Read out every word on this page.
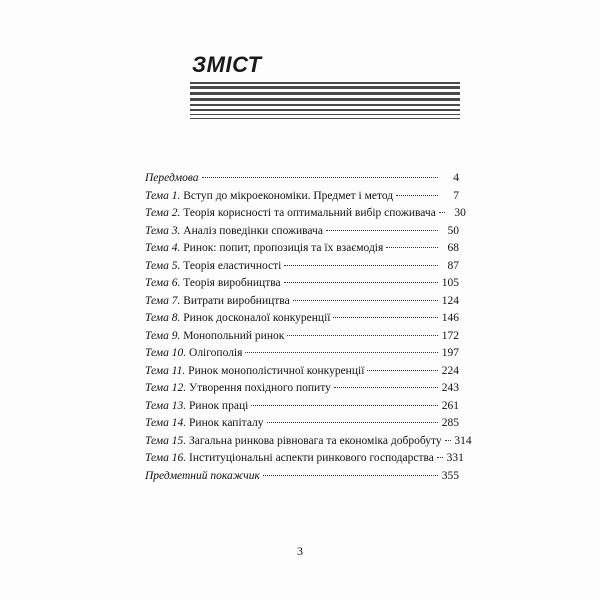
ЗМІСТ
Передмова	4
Тема 1. Вступ до мікроекономіки. Предмет і метод	7
Тема 2. Теорія корисності та оптимальний вибір споживача	30
Тема 3. Аналіз поведінки споживача	50
Тема 4. Ринок: попит, пропозиція та їх взаємодія	68
Тема 5. Теорія еластичності	87
Тема 6. Теорія виробництва	105
Тема 7. Витрати виробництва	124
Тема 8. Ринок досконалої конкуренції	146
Тема 9. Монопольний ринок	172
Тема 10. Олігополія	197
Тема 11. Ринок монополістичної конкуренції	224
Тема 12. Утворення похідного попиту	243
Тема 13. Ринок праці	261
Тема 14. Ринок капіталу	285
Тема 15. Загальна ринкова рівновага та економіка добробуту 314
Тема 16. Інституціональні аспекти ринкового господарства 331
Предметний покажчик	355
3
